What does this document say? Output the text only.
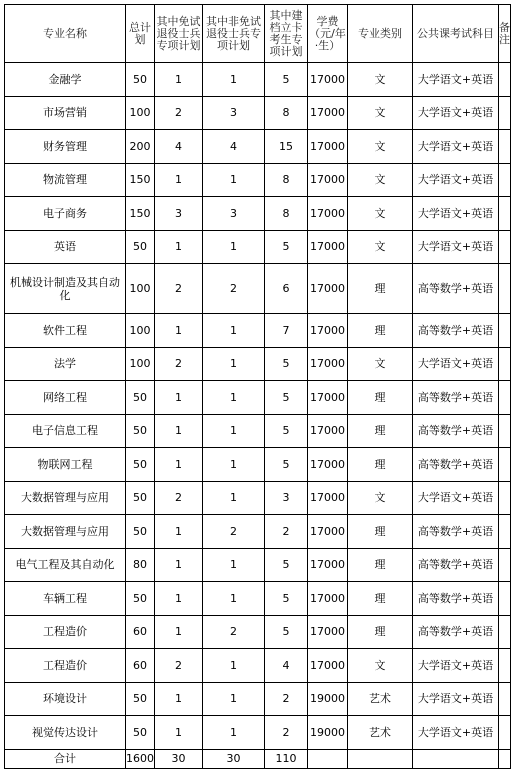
专业名称	总计划	其中免试退役士兵专项计划	其中非免试退役士兵专项计划	其中建档立卡考生专项计划	学费（元/年·生）	专业类别	公共课考试科目	备注
金融学	50	1	1	5	17000	文	大学语文+英语	
市场营销	100	2	3	8	17000	文	大学语文+英语	
财务管理	200	4	4	15	17000	文	大学语文+英语	
物流管理	150	1	1	8	17000	文	大学语文+英语	
电子商务	150	3	3	8	17000	文	大学语文+英语	
英语	50	1	1	5	17000	文	大学语文+英语	
机械设计制造及其自动化	100	2	2	6	17000	理	高等数学+英语	
软件工程	100	1	1	7	17000	理	高等数学+英语	
法学	100	2	1	5	17000	文	大学语文+英语	
网络工程	50	1	1	5	17000	理	高等数学+英语	
电子信息工程	50	1	1	5	17000	理	高等数学+英语	
物联网工程	50	1	1	5	17000	理	高等数学+英语	
大数据管理与应用	50	2	1	3	17000	文	大学语文+英语	
大数据管理与应用	50	1	2	2	17000	理	高等数学+英语	
电气工程及其自动化	80	1	1	5	17000	理	高等数学+英语	
车辆工程	50	1	1	5	17000	理	高等数学+英语	
工程造价	60	1	2	5	17000	理	高等数学+英语	
工程造价	60	2	1	4	17000	文	大学语文+英语	
环境设计	50	1	1	2	19000	艺术	大学语文+英语	
视觉传达设计	50	1	1	2	19000	艺术	大学语文+英语	
合计	1600	30	30	110				
